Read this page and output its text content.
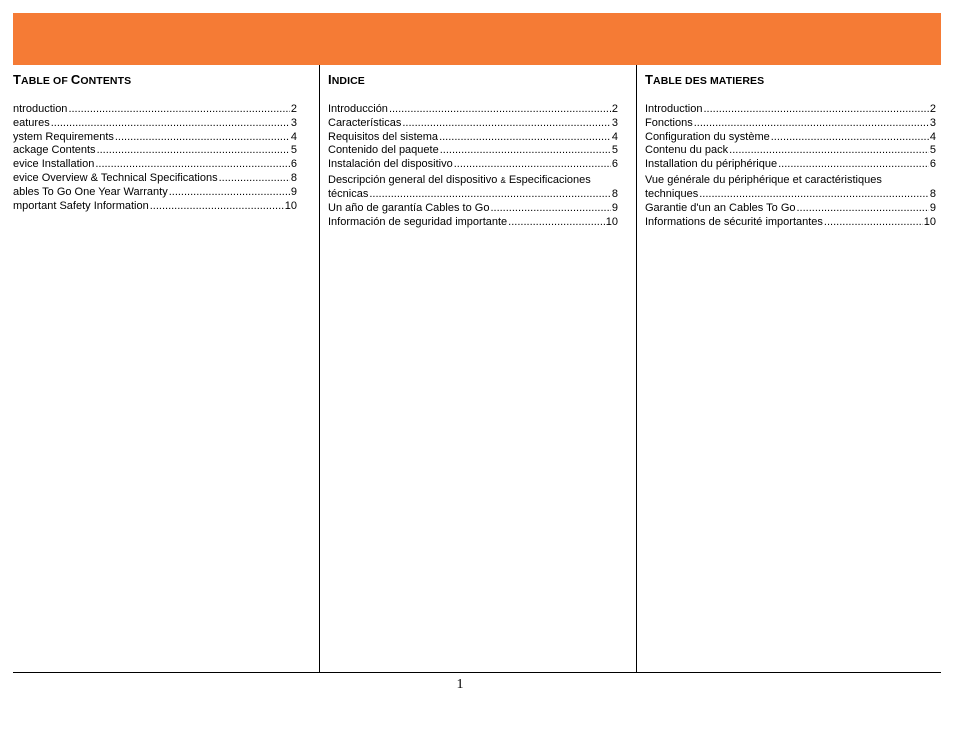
TABLE OF CONTENTS
ntroduction .....	2
eatures .....	3
ystem Requirements .....	4
ackage Contents .....	5
evice Installation .....	6
evice Overview & Technical Specifications .....	8
ables To Go One Year Warranty .....	9
mportant Safety Information .....	10
INDICE
Introducción .....	2
Características .....	3
Requisitos del sistema .....	4
Contenido del paquete .....	5
Instalación del dispositivo .....	6
Descripción general del dispositivo & Especificaciones
técnicas .....	8
Un año de garantía Cables to Go .....	9
Información de seguridad importante .....	10
TABLE DES MATIERES
Introduction .....	2
Fonctions .....	3
Configuration du système .....	4
Contenu du pack .....	5
Installation du périphérique .....	6
Vue générale du périphérique et caractéristiques
techniques .....	8
Garantie d'un an Cables To Go .....	9
Informations de sécurité importantes .....	10
1
